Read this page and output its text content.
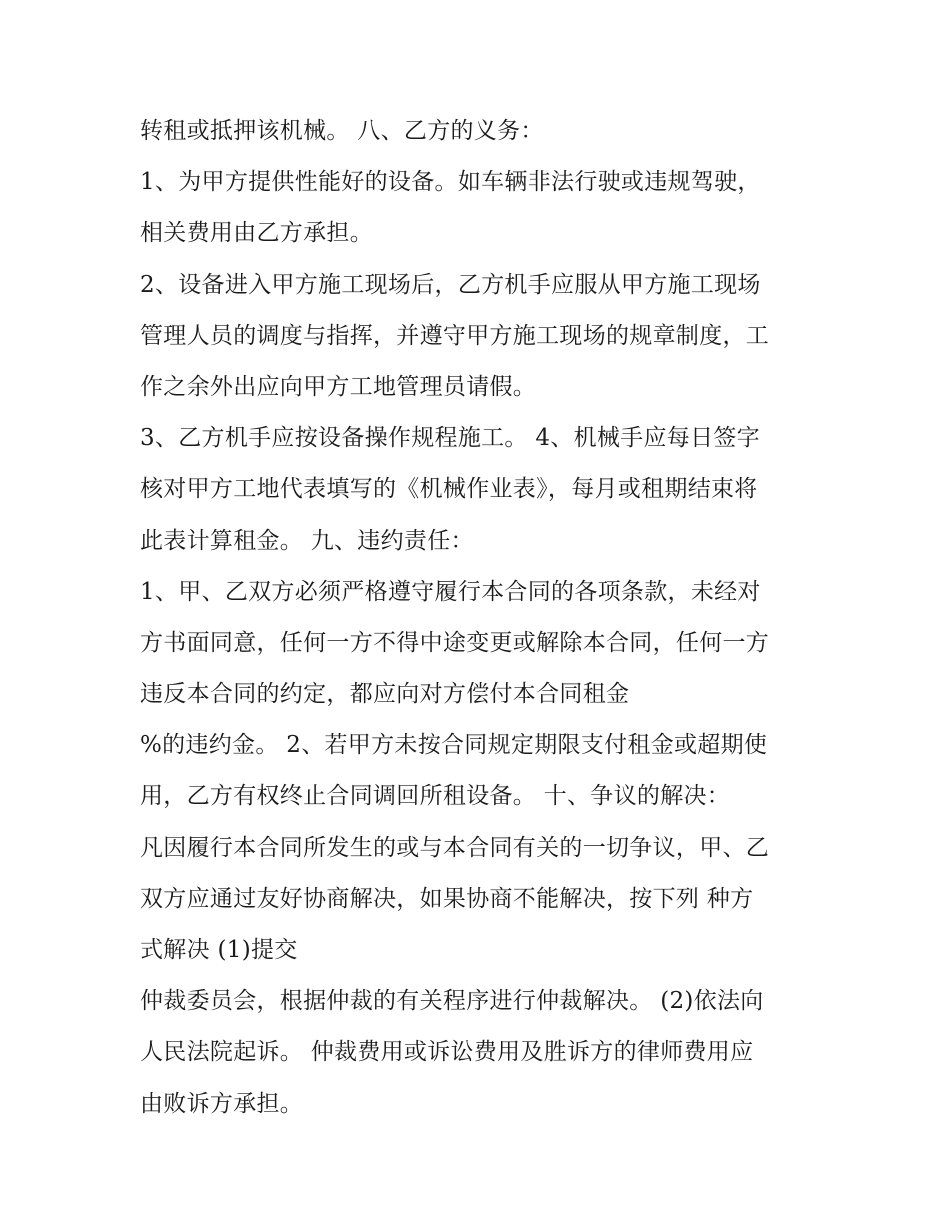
转租或抵押该机械。 八、乙方的义务：
1、为甲方提供性能好的设备。如车辆非法行驶或违规驾驶，
相关费用由乙方承担。
2、设备进入甲方施工现场后，乙方机手应服从甲方施工现场
管理人员的调度与指挥，并遵守甲方施工现场的规章制度，工
作之余外出应向甲方工地管理员请假。
3、乙方机手应按设备操作规程施工。 4、机械手应每日签字
核对甲方工地代表填写的《机械作业表》，每月或租期结束将
此表计算租金。 九、违约责任：
1、甲、乙双方必须严格遵守履行本合同的各项条款，未经对
方书面同意，任何一方不得中途变更或解除本合同，任何一方
违反本合同的约定，都应向对方偿付本合同租金
%的违约金。 2、若甲方未按合同规定期限支付租金或超期使
用，乙方有权终止合同调回所租设备。 十、争议的解决：
凡因履行本合同所发生的或与本合同有关的一切争议，甲、乙
双方应通过友好协商解决，如果协商不能解决，按下列 种方
式解决 (1)提交
仲裁委员会，根据仲裁的有关程序进行仲裁解决。 (2)依法向
人民法院起诉。 仲裁费用或诉讼费用及胜诉方的律师费用应
由败诉方承担。
